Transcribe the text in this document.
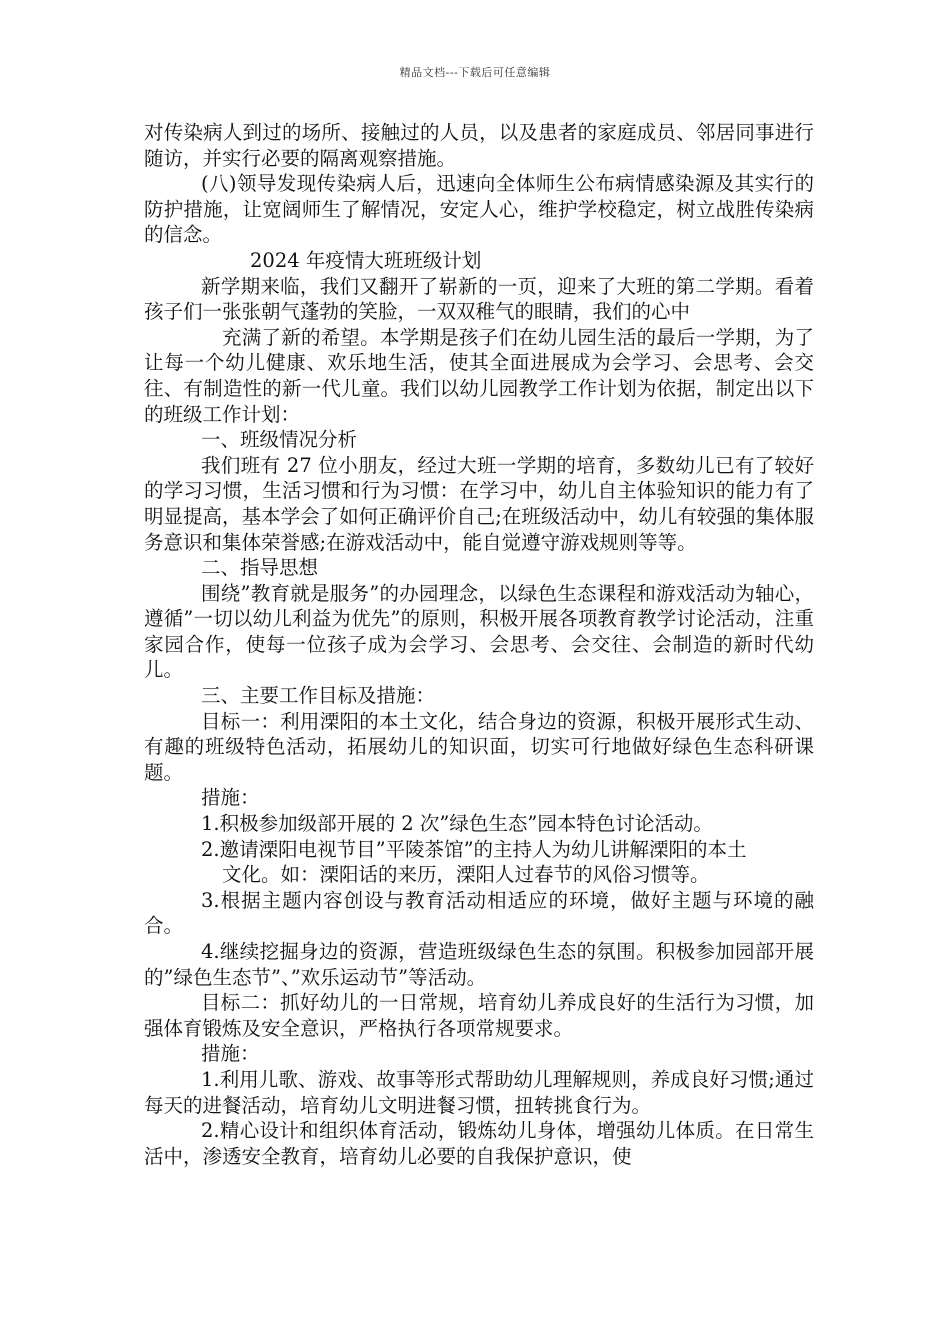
精品文档---下载后可任意编辑

对传染病人到过的场所、接触过的人员，以及患者的家庭成员、邻居同事进行随访，并实行必要的隔离观察措施。

(八)领导发现传染病人后，迅速向全体师生公布病情感染源及其实行的防护措施，让宽阔师生了解情况，安定人心，维护学校稳定，树立战胜传染病的信念。

2024 年疫情大班班级计划

新学期来临，我们又翻开了崭新的一页，迎来了大班的第二学期。看着孩子们一张张朝气蓬勃的笑脸，一双双稚气的眼睛，我们的心中

充满了新的希望。本学期是孩子们在幼儿园生活的最后一学期，为了让每一个幼儿健康、欢乐地生活，使其全面进展成为会学习、会思考、会交往、有制造性的新一代儿童。我们以幼儿园教学工作计划为依据，制定出以下的班级工作计划：

一、班级情况分析

我们班有 27 位小朋友，经过大班一学期的培育，多数幼儿已有了较好的学习习惯，生活习惯和行为习惯：在学习中，幼儿自主体验知识的能力有了明显提高，基本学会了如何正确评价自己;在班级活动中，幼儿有较强的集体服务意识和集体荣誉感;在游戏活动中，能自觉遵守游戏规则等等。

二、指导思想

围绕”教育就是服务”的办园理念，以绿色生态课程和游戏活动为轴心，遵循”一切以幼儿利益为优先”的原则，积极开展各项教育教学讨论活动，注重家园合作，使每一位孩子成为会学习、会思考、会交往、会制造的新时代幼儿。

三、主要工作目标及措施：

目标一：利用溧阳的本土文化，结合身边的资源，积极开展形式生动、有趣的班级特色活动，拓展幼儿的知识面，切实可行地做好绿色生态科研课题。

措施：

1.积极参加级部开展的 2 次”绿色生态”园本特色讨论活动。

2.邀请溧阳电视节目”平陵茶馆”的主持人为幼儿讲解溧阳的本土

文化。如：溧阳话的来历，溧阳人过春节的风俗习惯等。

3.根据主题内容创设与教育活动相适应的环境，做好主题与环境的融合。

4.继续挖掘身边的资源，营造班级绿色生态的氛围。积极参加园部开展的”绿色生态节”、”欢乐运动节”等活动。

目标二：抓好幼儿的一日常规，培育幼儿养成良好的生活行为习惯，加强体育锻炼及安全意识，严格执行各项常规要求。

措施：

1.利用儿歌、游戏、故事等形式帮助幼儿理解规则，养成良好习惯;通过每天的进餐活动，培育幼儿文明进餐习惯，扭转挑食行为。

2.精心设计和组织体育活动，锻炼幼儿身体，增强幼儿体质。在日常生活中，渗透安全教育，培育幼儿必要的自我保护意识，使
